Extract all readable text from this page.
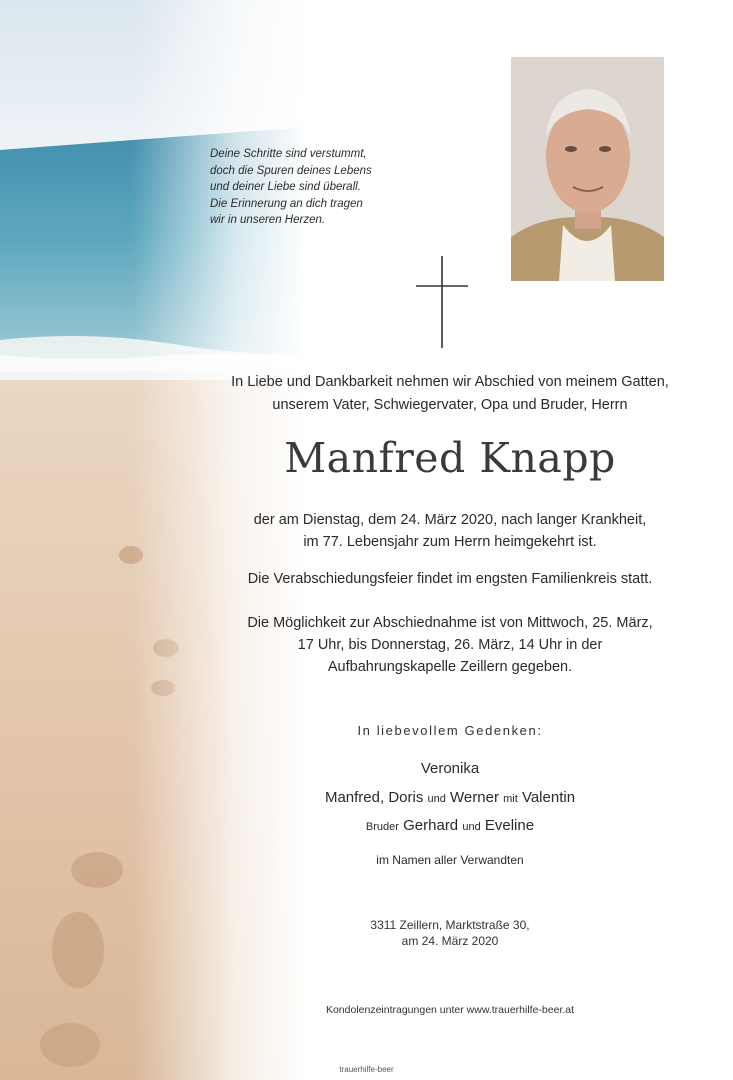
Deine Schritte sind verstummt,
doch die Spuren deines Lebens
und deiner Liebe sind überall.
Die Erinnerung an dich tragen
wir in unseren Herzen.
In Liebe und Dankbarkeit nehmen wir Abschied von meinem Gatten,
unserem Vater, Schwiegervater, Opa und Bruder, Herrn
Manfred Knapp
der am Dienstag, dem 24. März 2020, nach langer Krankheit,
im 77. Lebensjahr zum Herrn heimgekehrt ist.
Die Verabschiedungsfeier findet im engsten Familienkreis statt.
Die Möglichkeit zur Abschiednahme ist von Mittwoch, 25. März,
17 Uhr, bis Donnerstag, 26. März, 14 Uhr in der
Aufbahrungskapelle Zeillern gegeben.
In liebevollem Gedenken:
Veronika
Manfred, Doris und Werner mit Valentin
Bruder Gerhard und Eveline
im Namen aller Verwandten
3311 Zeillern, Marktstraße 30,
am 24. März 2020
Kondolenzeintragungen unter www.trauerhilfe-beer.at
trauerhilfe-beer
